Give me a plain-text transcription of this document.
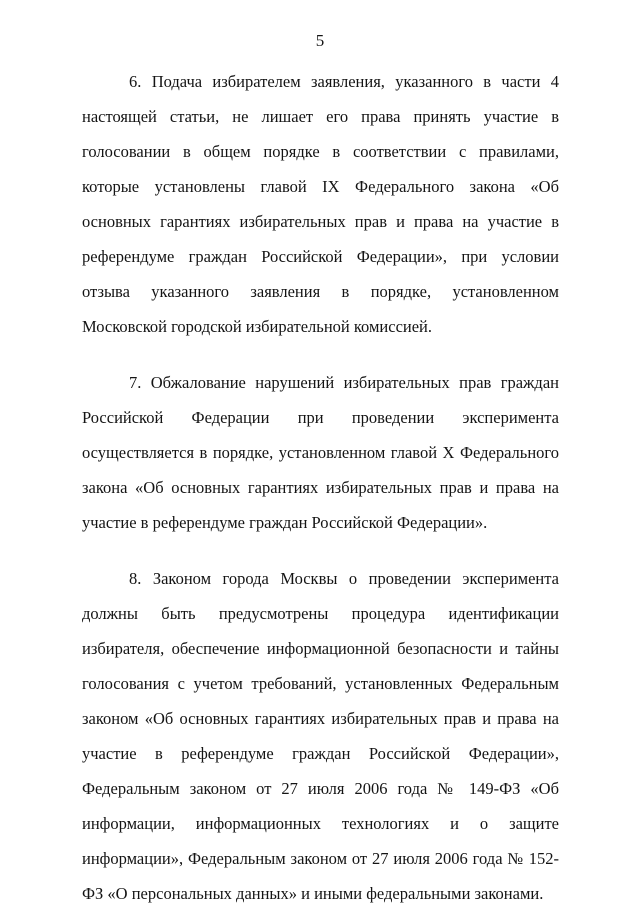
5

6. Подача избирателем заявления, указанного в части 4 настоящей статьи, не лишает его права принять участие в голосовании в общем порядке в соответствии с правилами, которые установлены главой IX Федерального закона «Об основных гарантиях избирательных прав и права на участие в референдуме граждан Российской Федерации», при условии отзыва указанного заявления в порядке, установленном Московской городской избирательной комиссией.

7. Обжалование нарушений избирательных прав граждан Российской Федерации при проведении эксперимента осуществляется в порядке, установленном главой X Федерального закона «Об основных гарантиях избирательных прав и права на участие в референдуме граждан Российской Федерации».

8. Законом города Москвы о проведении эксперимента должны быть предусмотрены процедура идентификации избирателя, обеспечение информационной безопасности и тайны голосования с учетом требований, установленных Федеральным законом «Об основных гарантиях избирательных прав и права на участие в референдуме граждан Российской Федерации», Федеральным законом от 27 июля 2006 года № 149-ФЗ «Об информации, информационных технологиях и о защите информации», Федеральным законом от 27 июля 2006 года № 152-ФЗ «О персональных данных» и иными федеральными законами.
